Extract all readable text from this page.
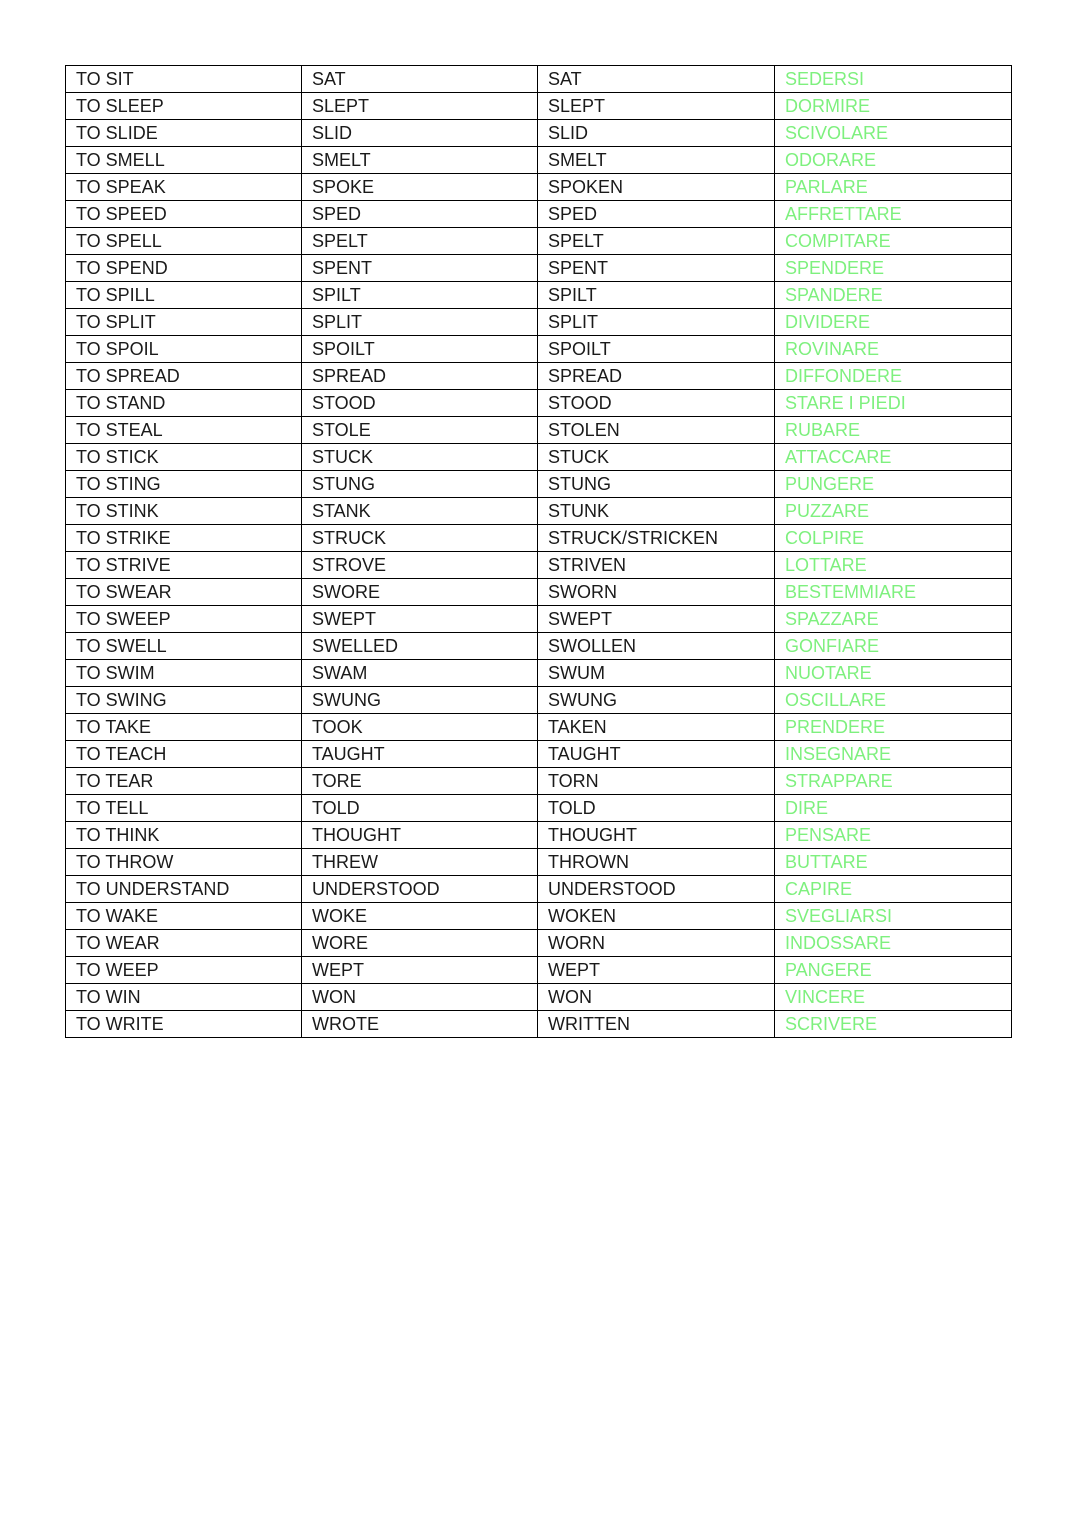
TO SIT	SAT	SAT	SEDERSI
TO SLEEP	SLEPT	SLEPT	DORMIRE
TO SLIDE	SLID	SLID	SCIVOLARE
TO SMELL	SMELT	SMELT	ODORARE
TO SPEAK	SPOKE	SPOKEN	PARLARE
TO SPEED	SPED	SPED	AFFRETTARE
TO SPELL	SPELT	SPELT	COMPITARE
TO SPEND	SPENT	SPENT	SPENDERE
TO SPILL	SPILT	SPILT	SPANDERE
TO SPLIT	SPLIT	SPLIT	DIVIDERE
TO SPOIL	SPOILT	SPOILT	ROVINARE
TO SPREAD	SPREAD	SPREAD	DIFFONDERE
TO STAND	STOOD	STOOD	STARE I PIEDI
TO STEAL	STOLE	STOLEN	RUBARE
TO STICK	STUCK	STUCK	ATTACCARE
TO STING	STUNG	STUNG	PUNGERE
TO STINK	STANK	STUNK	PUZZARE
TO STRIKE	STRUCK	STRUCK/STRICKEN	COLPIRE
TO STRIVE	STROVE	STRIVEN	LOTTARE
TO SWEAR	SWORE	SWORN	BESTEMMIARE
TO SWEEP	SWEPT	SWEPT	SPAZZARE
TO SWELL	SWELLED	SWOLLEN	GONFIARE
TO SWIM	SWAM	SWUM	NUOTARE
TO SWING	SWUNG	SWUNG	OSCILLARE
TO TAKE	TOOK	TAKEN	PRENDERE
TO TEACH	TAUGHT	TAUGHT	INSEGNARE
TO TEAR	TORE	TORN	STRAPPARE
TO TELL	TOLD	TOLD	DIRE
TO THINK	THOUGHT	THOUGHT	PENSARE
TO THROW	THREW	THROWN	BUTTARE
TO UNDERSTAND	UNDERSTOOD	UNDERSTOOD	CAPIRE
TO WAKE	WOKE	WOKEN	SVEGLIARSI
TO WEAR	WORE	WORN	INDOSSARE
TO WEEP	WEPT	WEPT	PANGERE
TO WIN	WON	WON	VINCERE
TO WRITE	WROTE	WRITTEN	SCRIVERE
